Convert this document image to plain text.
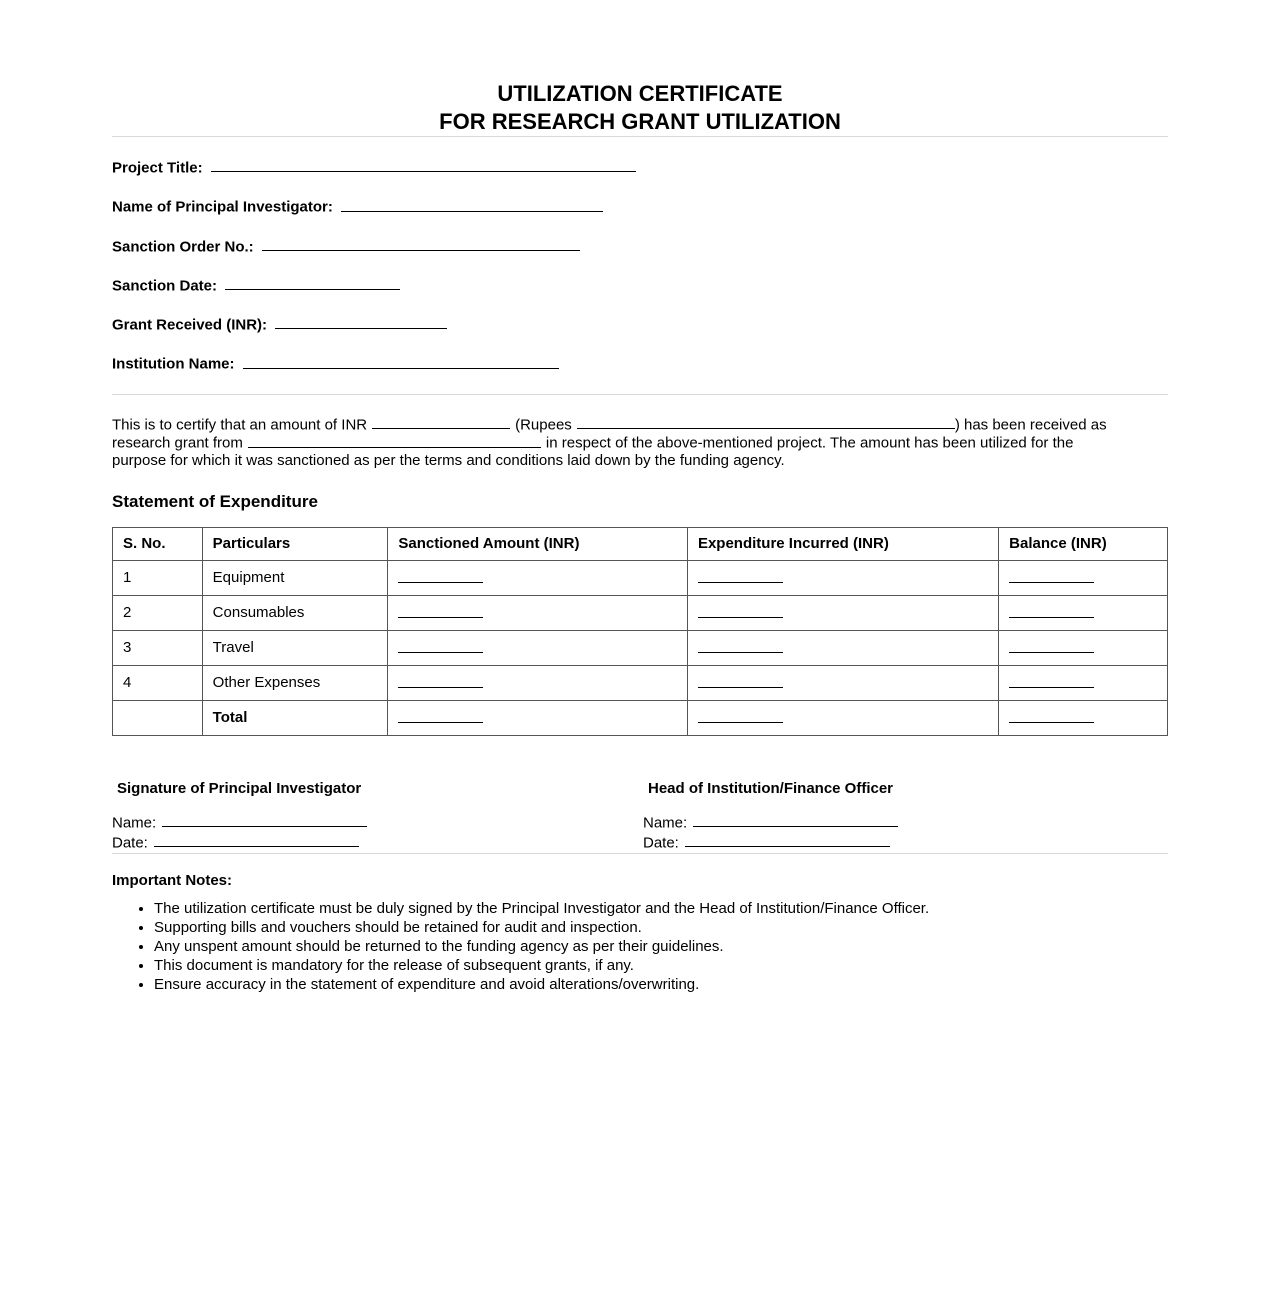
UTILIZATION CERTIFICATE
FOR RESEARCH GRANT UTILIZATION
Project Title:
Name of Principal Investigator:
Sanction Order No.:
Sanction Date:
Grant Received (INR):
Institution Name:
This is to certify that an amount of INR	(Rupees	) has been received as
research grant from	in respect of the above-mentioned project. The amount has been utilized for the
purpose for which it was sanctioned as per the terms and conditions laid down by the funding agency.
Statement of Expenditure
S. No.	Particulars	Sanctioned Amount (INR)	Expenditure Incurred (INR)	Balance (INR)
1	Equipment			
2	Consumables			
3	Travel			
4	Other Expenses			
	Total			
Signature of Principal Investigator
Name:
Date:
Head of Institution/Finance Officer
Name:
Date:
Important Notes:
• The utilization certificate must be duly signed by the Principal Investigator and the Head of Institution/Finance Officer.
• Supporting bills and vouchers should be retained for audit and inspection.
• Any unspent amount should be returned to the funding agency as per their guidelines.
• This document is mandatory for the release of subsequent grants, if any.
• Ensure accuracy in the statement of expenditure and avoid alterations/overwriting.
